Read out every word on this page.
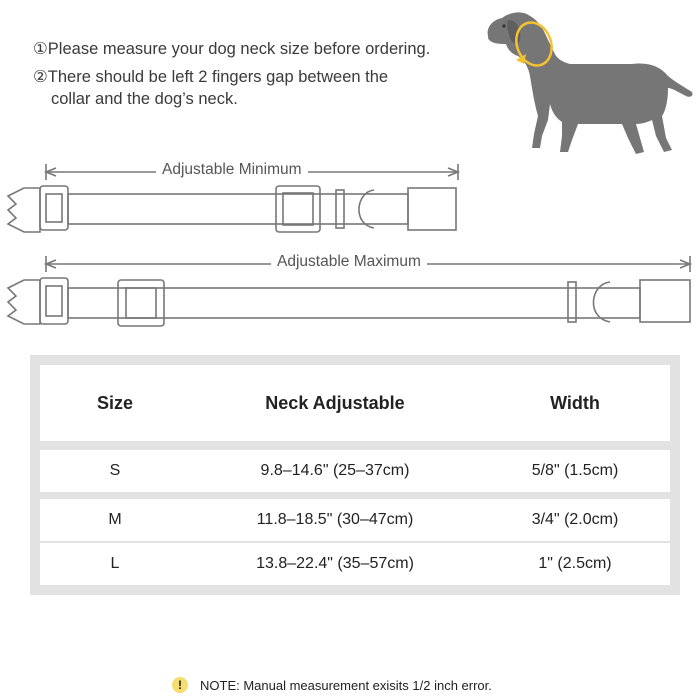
①Please measure your dog neck size before ordering.
②There should be left 2 fingers gap between the
collar and the dog’s neck.
Adjustable Minimum
Adjustable Maximum
Size	Neck Adjustable	Width
S	9.8–14.6" (25–37cm)	5/8" (1.5cm)
M	11.8–18.5" (30–47cm)	3/4" (2.0cm)
L	13.8–22.4" (35–57cm)	1" (2.5cm)
!	NOTE: Manual measurement exisits 1/2 inch error.
